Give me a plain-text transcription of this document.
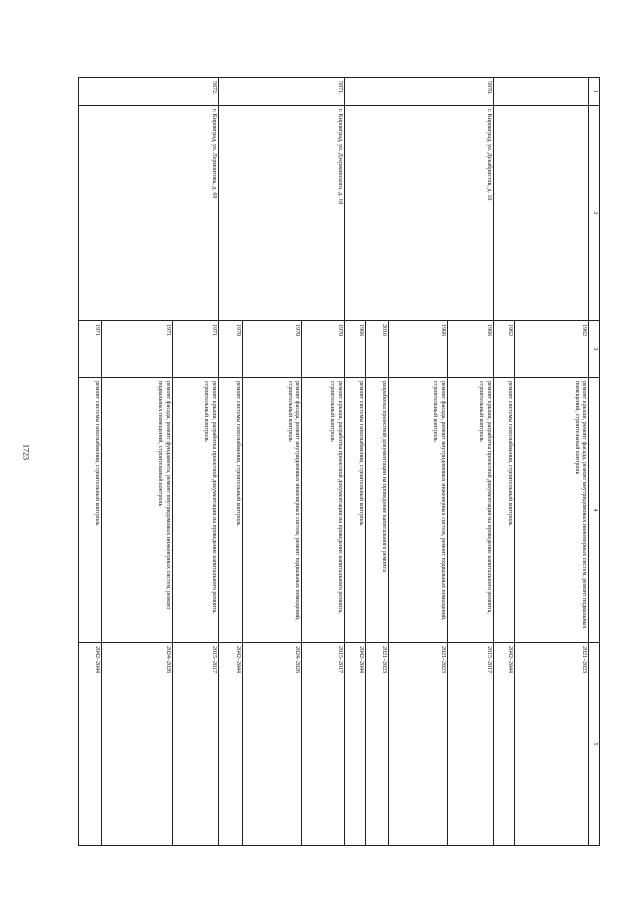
1723
1	2	3	4	5
		1962	ремонт крыши, ремонт фасада, ремонт внутридомовых инженерных систем, ремонт подвальных помещений, строительный контроль	2021–2023
		1962	ремонт системы газоснабжения, строительный контроль	2042–2044
5870.	г. Кировград, ул. Декабристов, д. 10	1966	ремонт крыши, разработка проектной документации на проведение капитального ремонта, строительный контроль	2015–2017
		1966	ремонт фасада, ремонт внутридомовых инженерных систем, ремонт подвальных помещений, строительный контроль	2021–2023
		2016	разработка проектной документации на проведение капитального ремонта	2021–2023
		1966	ремонт системы газоснабжения, строительный контроль	2042–2044
5871.	г. Кировград, ул. Дзержинского, д. 10	1970	ремонт крыши, разработка проектной документации на проведение капитального ремонта, строительный контроль	2015–2017
		1970	ремонт фасада, ремонт внутридомовых инженерных систем, ремонт подвальных помещений, строительный контроль	2024–2026
		1970	ремонт системы газоснабжения, строительный контроль	2042–2044
5872.	г. Кировград, ул. Лермонтова, д. 69	1971	ремонт крыши, разработка проектной документации на проведение капитального ремонта, строительный контроль	2015–2017
		1971	ремонт фасада, ремонт фундамента, ремонт внутридомовых инженерных систем, ремонт подвальных помещений, строительный контроль	2024–2026
		1971	ремонт системы газоснабжения, строительный контроль	2042–2044
